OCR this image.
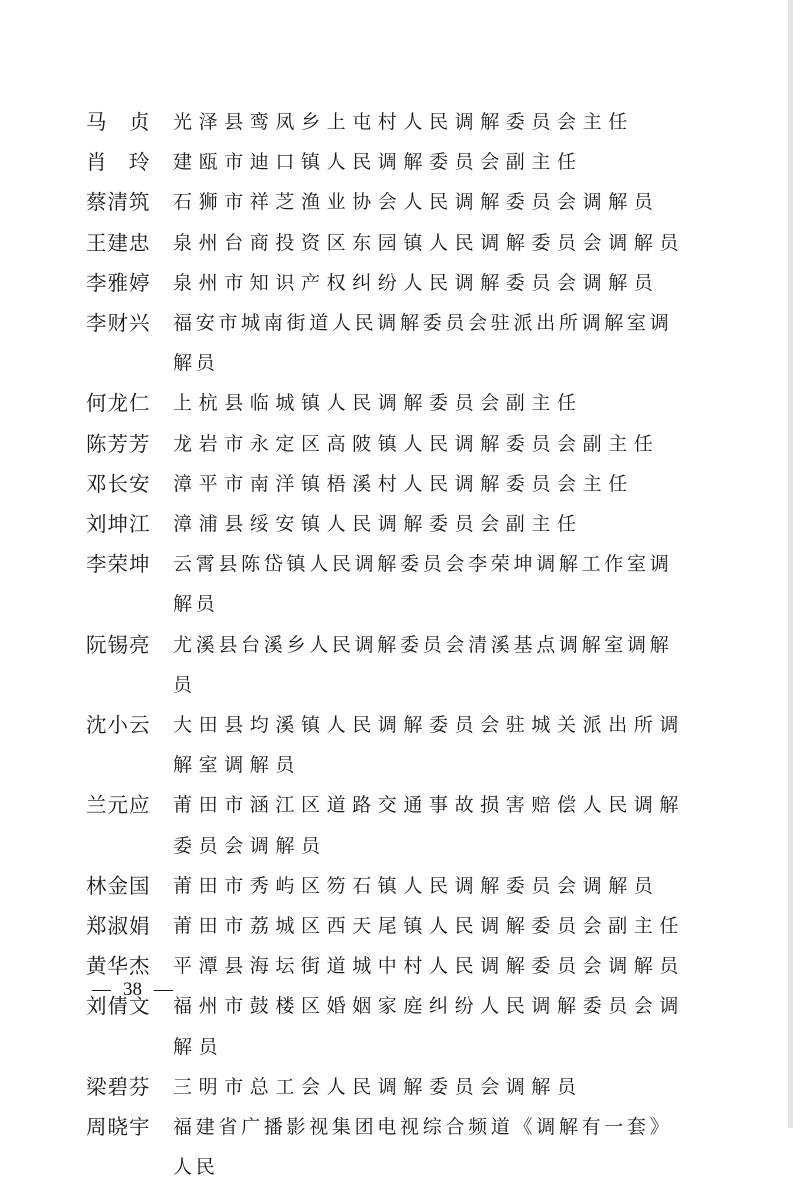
马　贞 光泽县鸾凤乡上屯村人民调解委员会主任
肖　玲 建瓯市迪口镇人民调解委员会副主任
蔡清筑 石狮市祥芝渔业协会人民调解委员会调解员
王建忠 泉州台商投资区东园镇人民调解委员会调解员
李雅婷 泉州市知识产权纠纷人民调解委员会调解员
李财兴 福安市城南街道人民调解委员会驻派出所调解室调解员
何龙仁 上杭县临城镇人民调解委员会副主任
陈芳芳 龙岩市永定区高陂镇人民调解委员会副主任
邓长安 漳平市南洋镇梧溪村人民调解委员会主任
刘坤江 漳浦县绥安镇人民调解委员会副主任
李荣坤 云霄县陈岱镇人民调解委员会李荣坤调解工作室调解员
阮锡亮 尤溪县台溪乡人民调解委员会清溪基点调解室调解员
沈小云 大田县均溪镇人民调解委员会驻城关派出所调解室调解员
兰元应 莆田市涵江区道路交通事故损害赔偿人民调解委员会调解员
林金国 莆田市秀屿区笏石镇人民调解委员会调解员
郑淑娟 莆田市荔城区西天尾镇人民调解委员会副主任
黄华杰 平潭县海坛街道城中村人民调解委员会调解员
刘倩文 福州市鼓楼区婚姻家庭纠纷人民调解委员会调解员
梁碧芬 三明市总工会人民调解委员会调解员
周晓宇 福建省广播影视集团电视综合频道《调解有一套》人民
— 38 —
